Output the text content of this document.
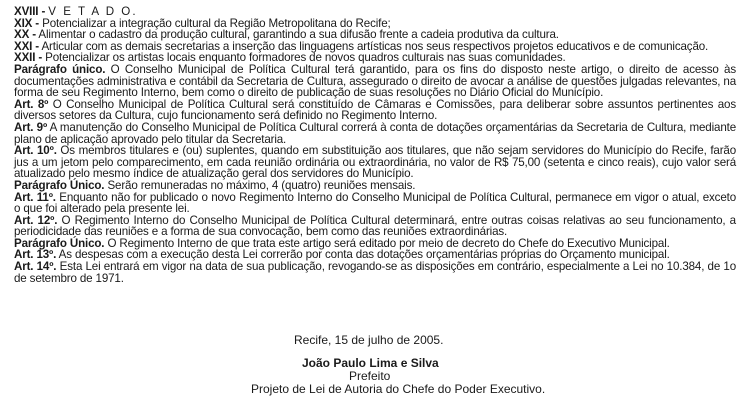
XVIII - V E T A D O.

XIX - Potencializar a integração cultural da Região Metropolitana do Recife;

XX - Alimentar o cadastro da produção cultural, garantindo a sua difusão frente a cadeia produtiva da cultura.

XXI - Articular com as demais secretarias a inserção das linguagens artísticas nos seus respectivos projetos educativos e de comunicação.

XXII - Potencializar os artistas locais enquanto formadores de novos quadros culturais nas suas comunidades.

Parágrafo único. O Conselho Municipal de Política Cultural terá garantido, para os fins do disposto neste artigo, o direito de acesso às documentações administrativa e contábil da Secretaria de Cultura, assegurado o direito de avocar a análise de questões julgadas relevantes, na forma de seu Regimento Interno, bem como o direito de publicação de suas resoluções no Diário Oficial do Município.

Art. 8º O Conselho Municipal de Política Cultural será constituído de Câmaras e Comissões, para deliberar sobre assuntos pertinentes aos diversos setores da Cultura, cujo funcionamento será definido no Regimento Interno.

Art. 9º A manutenção do Conselho Municipal de Política Cultural correrá à conta de dotações orçamentárias da Secretaria de Cultura, mediante plano de aplicação aprovado pelo titular da Secretaria.

Art. 10º. Os membros titulares e (ou) suplentes, quando em substituição aos titulares, que não sejam servidores do Município do Recife, farão jus a um jetom pelo comparecimento, em cada reunião ordinária ou extraordinária, no valor de R$ 75,00 (setenta e cinco reais), cujo valor será atualizado pelo mesmo índice de atualização geral dos servidores do Município.

Parágrafo Único. Serão remuneradas no máximo, 4 (quatro) reuniões mensais.

Art. 11º. Enquanto não for publicado o novo Regimento Interno do Conselho Municipal de Política Cultural, permanece em vigor o atual, exceto o que foi alterado pela presente lei.

Art. 12º. O Regimento Interno do Conselho Municipal de Política Cultural determinará, entre outras coisas relativas ao seu funcionamento, a periodicidade das reuniões e a forma de sua convocação, bem como das reuniões extraordinárias.

Parágrafo Único. O Regimento Interno de que trata este artigo será editado por meio de decreto do Chefe do Executivo Municipal.

Art. 13º. As despesas com a execução desta Lei correrão por conta das dotações orçamentárias próprias do Orçamento municipal.

Art. 14º. Esta Lei entrará em vigor na data de sua publicação, revogando-se as disposições em contrário, especialmente a Lei no 10.384, de 1o de setembro de 1971.

Recife, 15 de julho de 2005.
João Paulo Lima e Silva
Prefeito
Projeto de Lei de Autoria do Chefe do Poder Executivo.
